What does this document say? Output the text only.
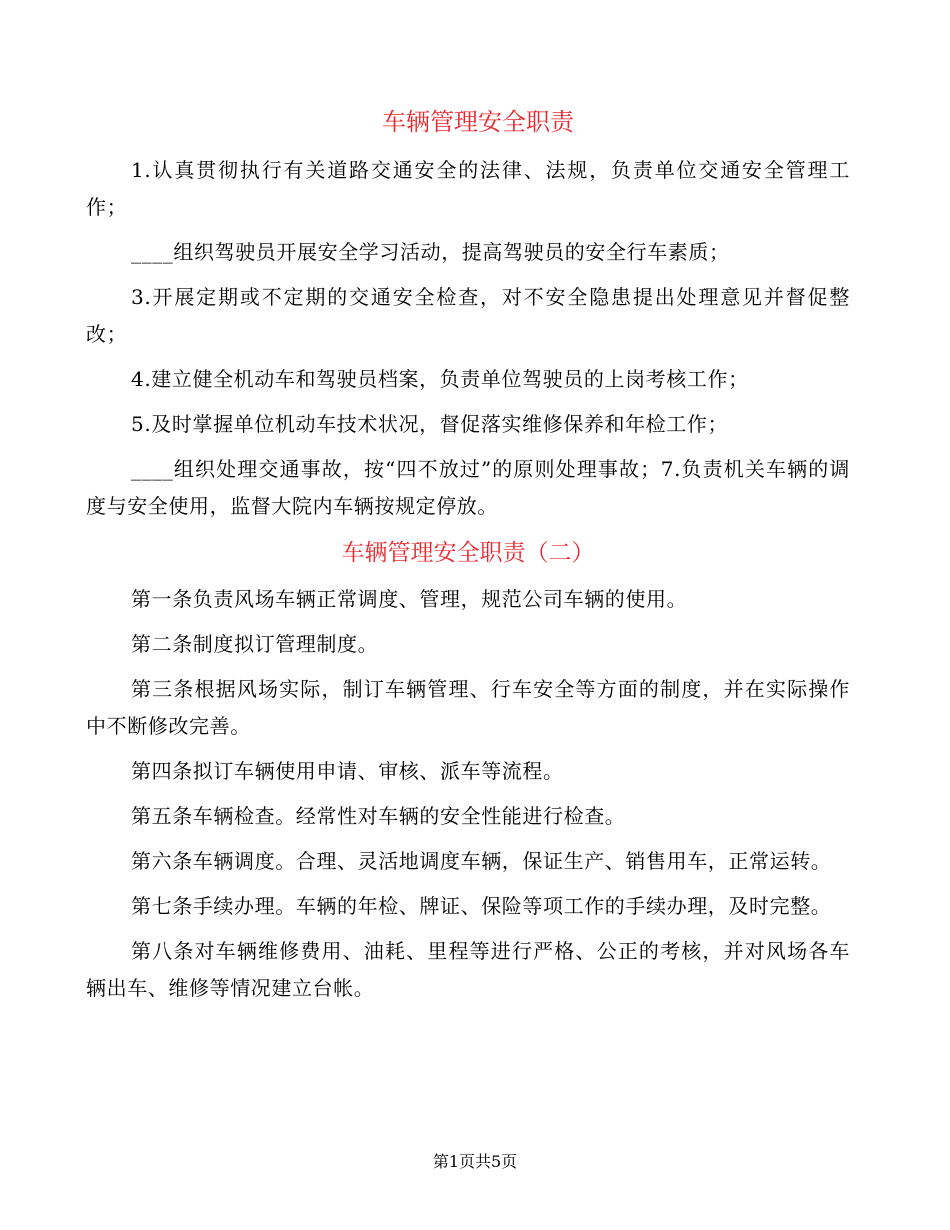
车辆管理安全职责

1.认真贯彻执行有关道路交通安全的法律、法规，负责单位交通安全管理工作；

____组织驾驶员开展安全学习活动，提高驾驶员的安全行车素质；

3.开展定期或不定期的交通安全检查，对不安全隐患提出处理意见并督促整改；

4.建立健全机动车和驾驶员档案，负责单位驾驶员的上岗考核工作；

5.及时掌握单位机动车技术状况，督促落实维修保养和年检工作；

____组织处理交通事故，按“四不放过”的原则处理事故；7.负责机关车辆的调度与安全使用，监督大院内车辆按规定停放。

车辆管理安全职责（二）

第一条负责风场车辆正常调度、管理，规范公司车辆的使用。

第二条制度拟订管理制度。

第三条根据风场实际，制订车辆管理、行车安全等方面的制度，并在实际操作中不断修改完善。

第四条拟订车辆使用申请、审核、派车等流程。

第五条车辆检查。经常性对车辆的安全性能进行检查。

第六条车辆调度。合理、灵活地调度车辆，保证生产、销售用车，正常运转。

第七条手续办理。车辆的年检、牌证、保险等项工作的手续办理，及时完整。

第八条对车辆维修费用、油耗、里程等进行严格、公正的考核，并对风场各车辆出车、维修等情况建立台帐。

第1页共5页
